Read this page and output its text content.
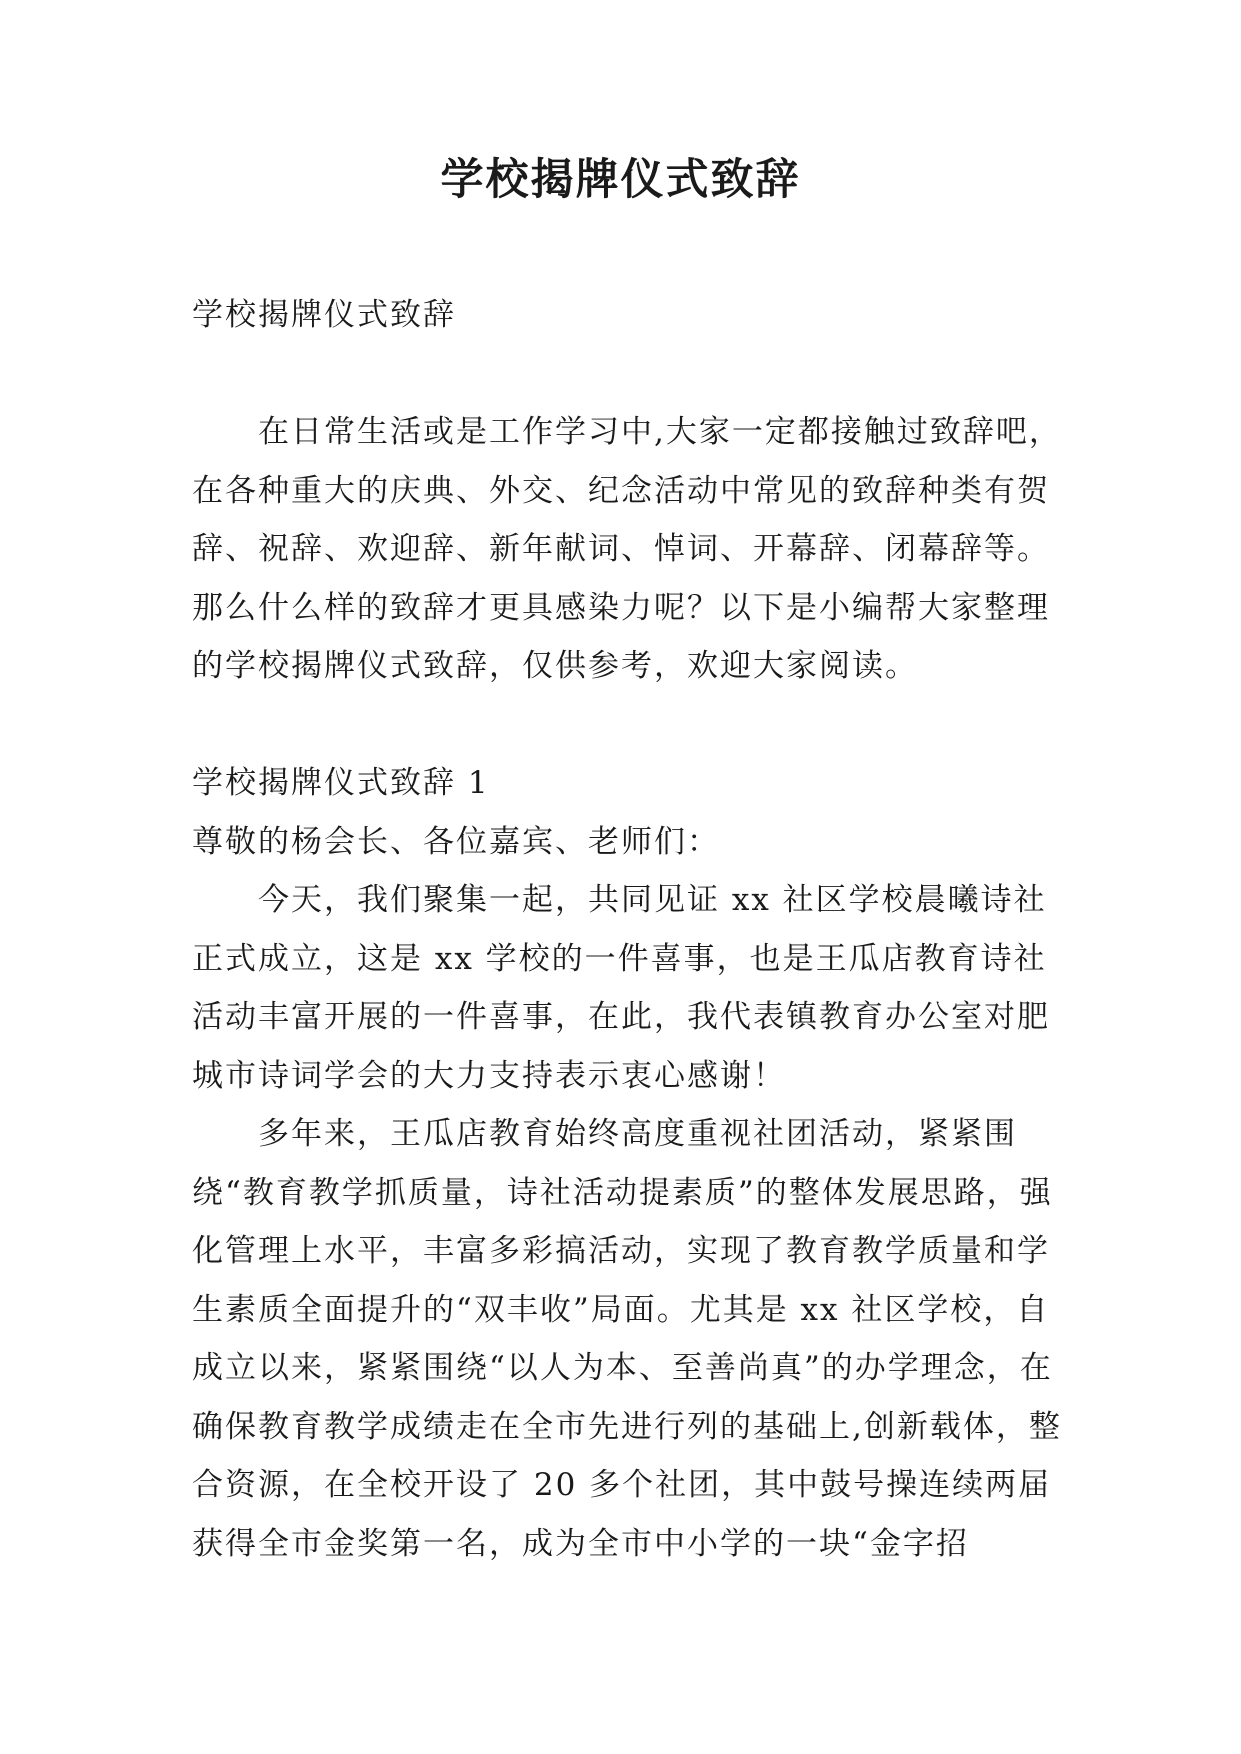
学校揭牌仪式致辞

学校揭牌仪式致辞

在日常生活或是工作学习中,大家一定都接触过致辞吧，在各种重大的庆典、外交、纪念活动中常见的致辞种类有贺辞、祝辞、欢迎辞、新年献词、悼词、开幕辞、闭幕辞等。那么什么样的致辞才更具感染力呢？以下是小编帮大家整理的学校揭牌仪式致辞，仅供参考，欢迎大家阅读。

学校揭牌仪式致辞 1

尊敬的杨会长、各位嘉宾、老师们：

今天，我们聚集一起，共同见证 xx 社区学校晨曦诗社正式成立，这是 xx 学校的一件喜事，也是王瓜店教育诗社活动丰富开展的一件喜事，在此，我代表镇教育办公室对肥城市诗词学会的大力支持表示衷心感谢！

多年来，王瓜店教育始终高度重视社团活动，紧紧围绕“教育教学抓质量，诗社活动提素质”的整体发展思路，强化管理上水平，丰富多彩搞活动，实现了教育教学质量和学生素质全面提升的“双丰收”局面。尤其是 xx 社区学校，自成立以来，紧紧围绕“以人为本、至善尚真”的办学理念，在确保教育教学成绩走在全市先进行列的基础上,创新载体，整合资源，在全校开设了 20 多个社团，其中鼓号操连续两届获得全市金奖第一名，成为全市中小学的一块“金字招
